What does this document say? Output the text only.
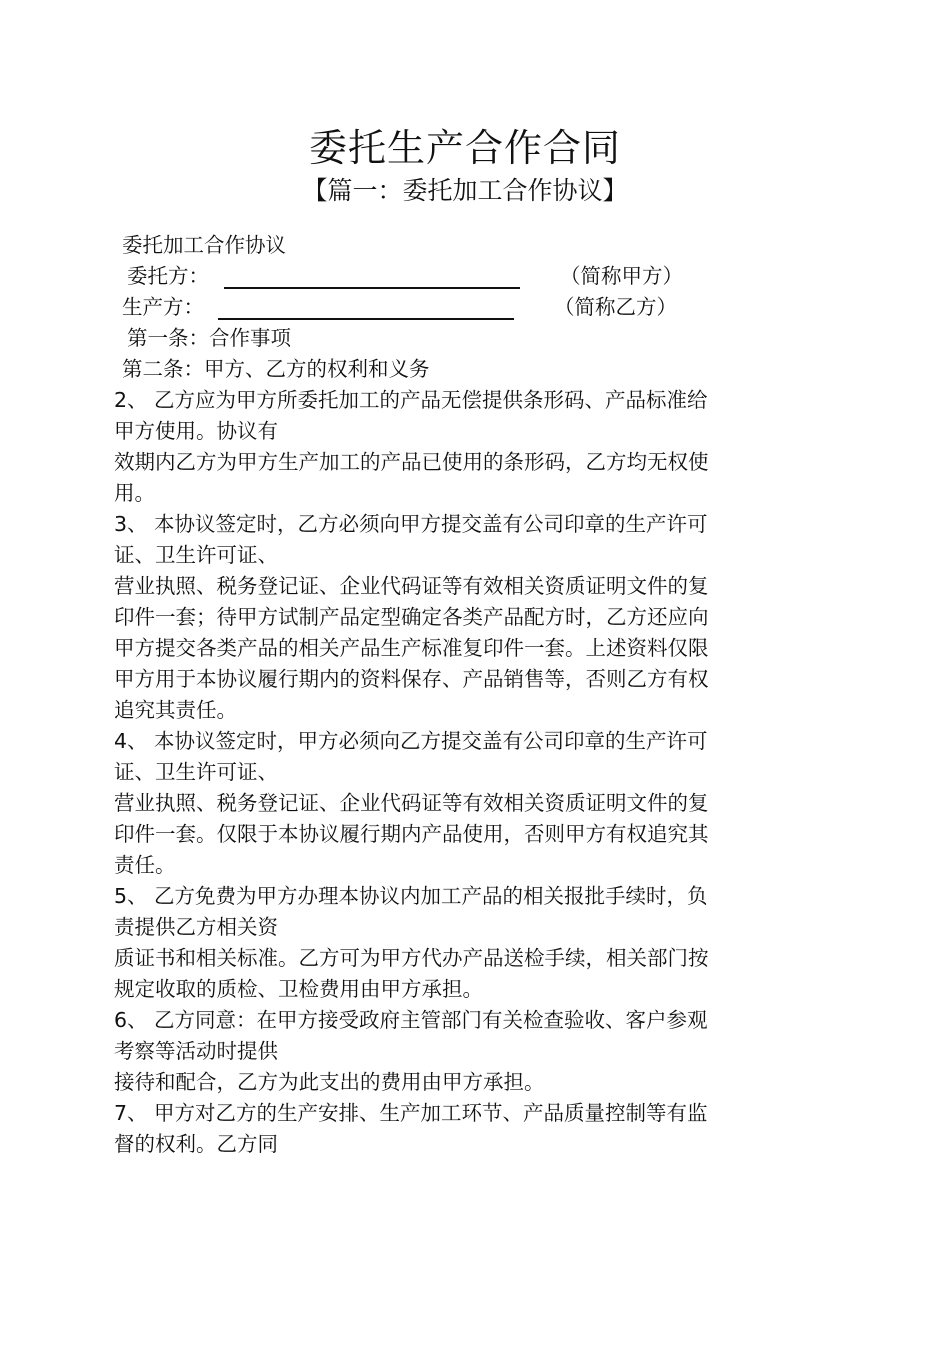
委托生产合作合同
【篇一：委托加工合作协议】

委托加工合作协议

委托方：	（简称甲方）
生产方：	（简称乙方）

第一条：合作事项

第二条：甲方、乙方的权利和义务

2、 乙方应为甲方所委托加工的产品无偿提供条形码、产品标准给

甲方使用。协议有

效期内乙方为甲方生产加工的产品已使用的条形码，乙方均无权使

用。

3、 本协议签定时，乙方必须向甲方提交盖有公司印章的生产许可

证、卫生许可证、

营业执照、税务登记证、企业代码证等有效相关资质证明文件的复

印件一套；待甲方试制产品定型确定各类产品配方时，乙方还应向

甲方提交各类产品的相关产品生产标准复印件一套。上述资料仅限

甲方用于本协议履行期内的资料保存、产品销售等，否则乙方有权

追究其责任。

4、 本协议签定时，甲方必须向乙方提交盖有公司印章的生产许可

证、卫生许可证、

营业执照、税务登记证、企业代码证等有效相关资质证明文件的复

印件一套。仅限于本协议履行期内产品使用，否则甲方有权追究其

责任。

5、 乙方免费为甲方办理本协议内加工产品的相关报批手续时，负

责提供乙方相关资

质证书和相关标准。乙方可为甲方代办产品送检手续，相关部门按

规定收取的质检、卫检费用由甲方承担。

6、 乙方同意：在甲方接受政府主管部门有关检查验收、客户参观

考察等活动时提供

接待和配合，乙方为此支出的费用由甲方承担。

7、 甲方对乙方的生产安排、生产加工环节、产品质量控制等有监

督的权利。乙方同
